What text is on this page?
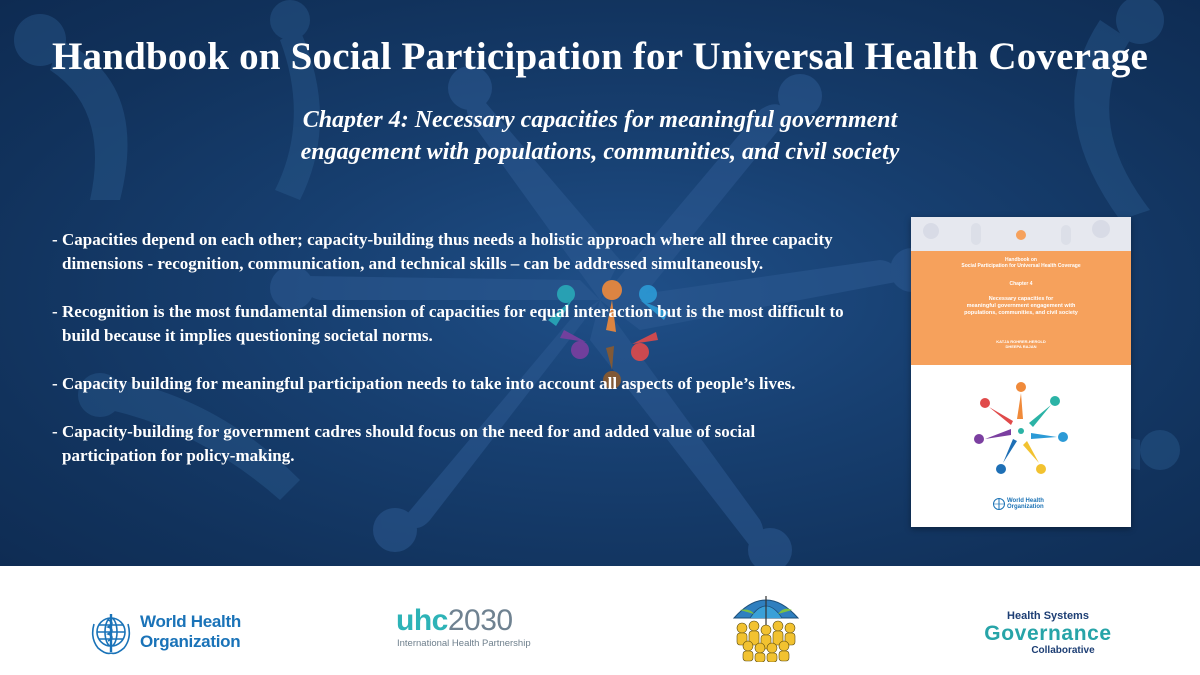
Handbook on Social Participation for Universal Health Coverage
Chapter 4: Necessary capacities for meaningful government
engagement with populations, communities, and civil society
- Capacities depend on each other; capacity-building thus needs a holistic approach where all three capacity dimensions - recognition, communication, and technical skills – can be addressed simultaneously.
- Recognition is the most fundamental dimension of capacities for equal interaction but is the most difficult to build because it implies questioning societal norms.
- Capacity building for meaningful participation needs to take into account all aspects of people’s lives.
- Capacity-building for government cadres should focus on the need for and added value of social participation for policy-making.
Handbook on
Social Participation for Universal Health Coverage
Chapter 4
Necessary capacities for
meaningful government engagement with
populations, communities, and civil society
KATJA ROHRER-HEROLD
DHEEPA RAJAN
World Health
Organization
World Health
Organization
uhc2030
International Health Partnership
Health Systems
Governance
Collaborative
